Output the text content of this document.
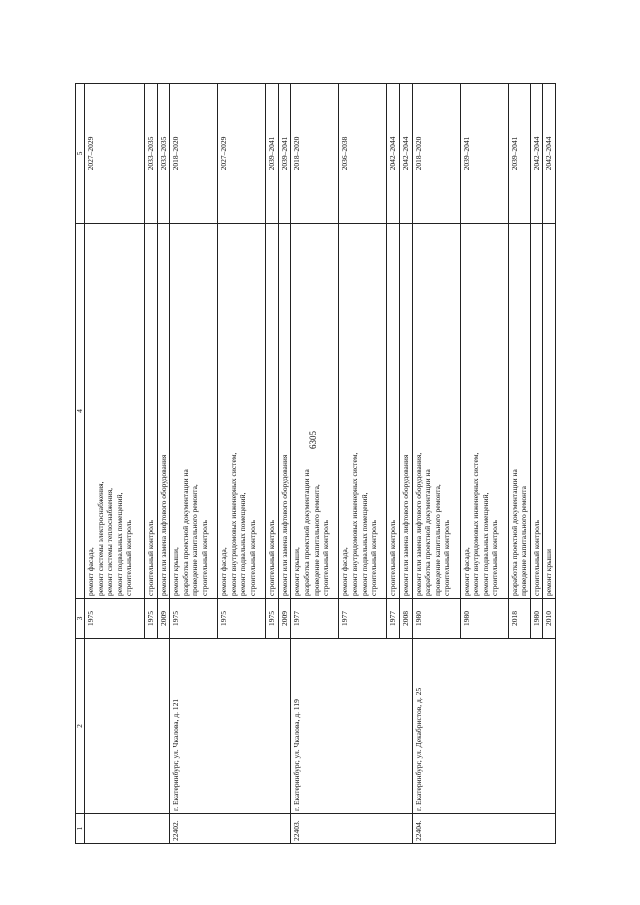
6305
1	2	3	4	5
		1975	ремонт фасада, ремонт системы электроснабжения, ремонт системы теплоснабжения, ремонт подвальных помещений, строительный контроль	2027–2029
		1975	строительный контроль	2033–2035
		2009	ремонт или замена лифтового оборудования	2033–2035
22402.	г. Екатеринбург, ул. Чкалова, д. 121	1975	ремонт крыши, разработка проектной документации на проведение капитального ремонта, строительный контроль	2018–2020
		1975	ремонт фасада, ремонт внутридомовых инженерных систем, ремонт подвальных помещений, строительный контроль	2027–2029
		1975	строительный контроль	2039–2041
		2009	ремонт или замена лифтового оборудования	2039–2041
22403.	г. Екатеринбург, ул. Чкалова, д. 119	1977	ремонт крыши, разработка проектной документации на проведение капитального ремонта, строительный контроль	2018–2020
		1977	ремонт фасада, ремонт внутридомовых инженерных систем, ремонт подвальных помещений, строительный контроль	2036–2038
		1977	строительный контроль	2042–2044
		2008	ремонт или замена лифтового оборудования	2042–2044
22404.	г. Екатеринбург, ул. Декабристов, д. 25	1980	ремонт или замена лифтового оборудования, разработка проектной документации на проведение капитального ремонта, строительный контроль	2018–2020
		1980	ремонт фасада, ремонт внутридомовых инженерных систем, ремонт подвальных помещений, строительный контроль	2039–2041
		2018	разработка проектной документации на проведение капитального ремонта	2039–2041
		1980	строительный контроль	2042–2044
		2010	ремонт крыши	2042–2044
